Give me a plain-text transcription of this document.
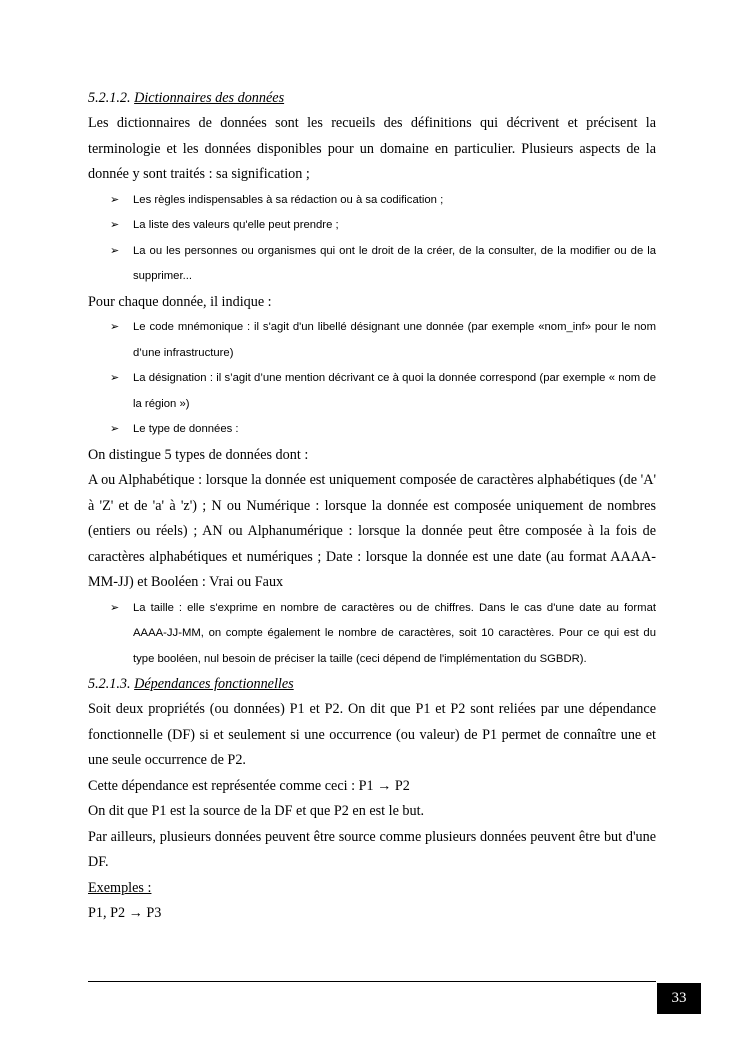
5.2.1.2. Dictionnaires des données

Les dictionnaires de données sont les recueils des définitions qui décrivent et précisent la terminologie et les données disponibles pour un domaine en particulier. Plusieurs aspects de la donnée y sont traités : sa signification ;

➢ Les règles indispensables à sa rédaction ou à sa codification ;
➢ La liste des valeurs qu'elle peut prendre ;
➢ La ou les personnes ou organismes qui ont le droit de la créer, de la consulter, de la modifier ou de la supprimer...

Pour chaque donnée, il indique :

➢ Le code mnémonique : il s'agit d'un libellé désignant une donnée (par exemple «nom_inf» pour le nom d’une infrastructure)
➢ La désignation : il s’agit d’une mention décrivant ce à quoi la donnée correspond (par exemple « nom de la région »)
➢ Le type de données :

On distingue 5 types de données dont :

A ou Alphabétique : lorsque la donnée est uniquement composée de caractères alphabétiques (de 'A' à 'Z' et de 'a' à 'z') ; N ou Numérique : lorsque la donnée est composée uniquement de nombres (entiers ou réels) ; AN ou Alphanumérique : lorsque la donnée peut être composée à la fois de caractères alphabétiques et numériques ; Date : lorsque la donnée est une date (au format AAAA-MM-JJ) et Booléen : Vrai ou Faux

➢ La taille : elle s'exprime en nombre de caractères ou de chiffres. Dans le cas d'une date au format AAAA-JJ-MM, on compte également le nombre de caractères, soit 10 caractères. Pour ce qui est du type booléen, nul besoin de préciser la taille (ceci dépend de l'implémentation du SGBDR).

5.2.1.3. Dépendances fonctionnelles

Soit deux propriétés (ou données) P1 et P2. On dit que P1 et P2 sont reliées par une dépendance fonctionnelle (DF) si et seulement si une occurrence (ou valeur) de P1 permet de connaître une et une seule occurrence de P2.

Cette dépendance est représentée comme ceci : P1 → P2

On dit que P1 est la source de la DF et que P2 en est le but.

Par ailleurs, plusieurs données peuvent être source comme plusieurs données peuvent être but d'une DF.

Exemples :

P1, P2 → P3

33
